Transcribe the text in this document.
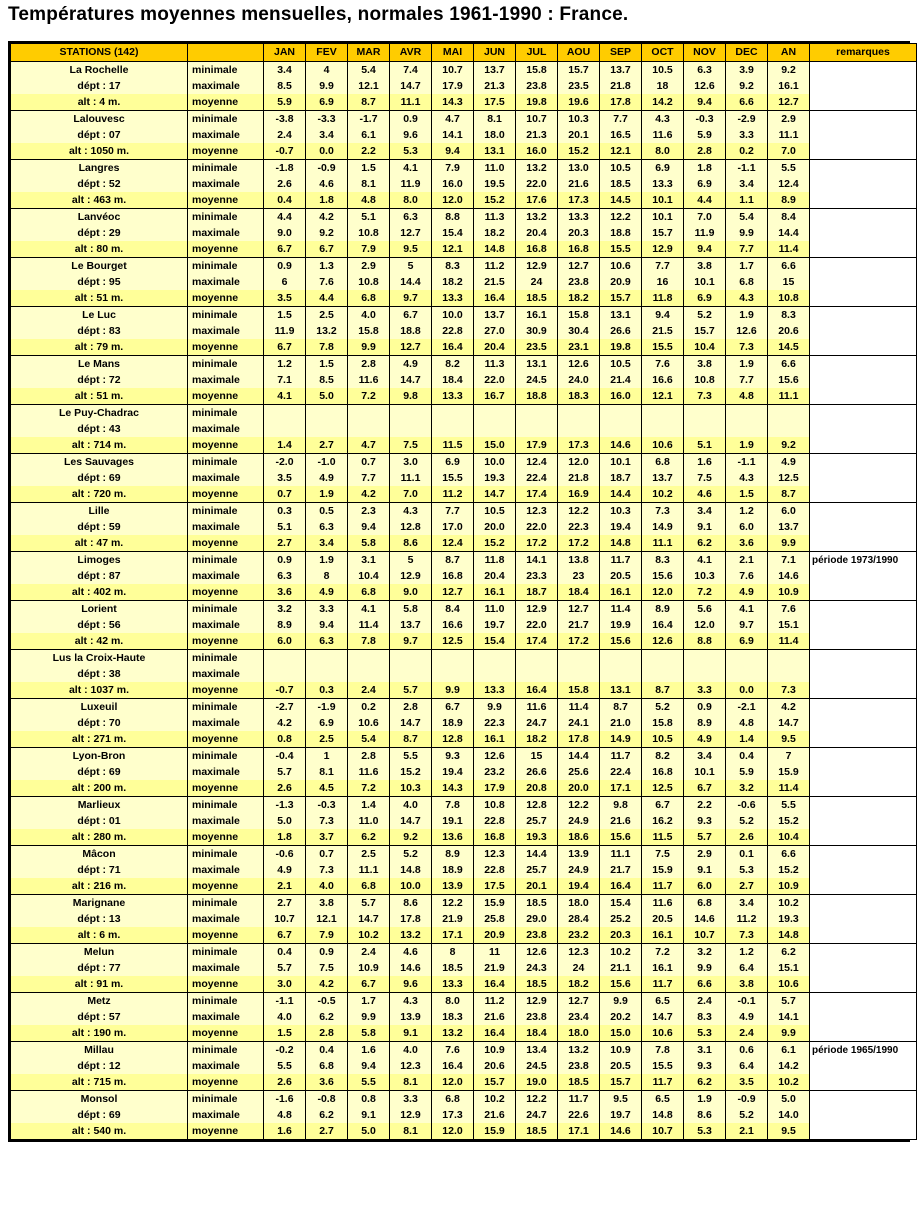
Températures moyennes mensuelles, normales 1961-1990 : France.
STATIONS (142)		JAN	FEV	MAR	AVR	MAI	JUN	JUL	AOU	SEP	OCT	NOV	DEC	AN	remarques
La Rochelle	minimale	3.4	4	5.4	7.4	10.7	13.7	15.8	15.7	13.7	10.5	6.3	3.9	9.2	
dépt : 17	maximale	8.5	9.9	12.1	14.7	17.9	21.3	23.8	23.5	21.8	18	12.6	9.2	16.1	
alt : 4 m.	moyenne	5.9	6.9	8.7	11.1	14.3	17.5	19.8	19.6	17.8	14.2	9.4	6.6	12.7	
Lalouvesc	minimale	-3.8	-3.3	-1.7	0.9	4.7	8.1	10.7	10.3	7.7	4.3	-0.3	-2.9	2.9	
dépt : 07	maximale	2.4	3.4	6.1	9.6	14.1	18.0	21.3	20.1	16.5	11.6	5.9	3.3	11.1	
alt : 1050 m.	moyenne	-0.7	0.0	2.2	5.3	9.4	13.1	16.0	15.2	12.1	8.0	2.8	0.2	7.0	
Langres	minimale	-1.8	-0.9	1.5	4.1	7.9	11.0	13.2	13.0	10.5	6.9	1.8	-1.1	5.5	
dépt : 52	maximale	2.6	4.6	8.1	11.9	16.0	19.5	22.0	21.6	18.5	13.3	6.9	3.4	12.4	
alt : 463 m.	moyenne	0.4	1.8	4.8	8.0	12.0	15.2	17.6	17.3	14.5	10.1	4.4	1.1	8.9	
Lanvéoc	minimale	4.4	4.2	5.1	6.3	8.8	11.3	13.2	13.3	12.2	10.1	7.0	5.4	8.4	
dépt : 29	maximale	9.0	9.2	10.8	12.7	15.4	18.2	20.4	20.3	18.8	15.7	11.9	9.9	14.4	
alt : 80 m.	moyenne	6.7	6.7	7.9	9.5	12.1	14.8	16.8	16.8	15.5	12.9	9.4	7.7	11.4	
Le Bourget	minimale	0.9	1.3	2.9	5	8.3	11.2	12.9	12.7	10.6	7.7	3.8	1.7	6.6	
dépt : 95	maximale	6	7.6	10.8	14.4	18.2	21.5	24	23.8	20.9	16	10.1	6.8	15	
alt : 51 m.	moyenne	3.5	4.4	6.8	9.7	13.3	16.4	18.5	18.2	15.7	11.8	6.9	4.3	10.8	
Le Luc	minimale	1.5	2.5	4.0	6.7	10.0	13.7	16.1	15.8	13.1	9.4	5.2	1.9	8.3	
dépt : 83	maximale	11.9	13.2	15.8	18.8	22.8	27.0	30.9	30.4	26.6	21.5	15.7	12.6	20.6	
alt : 79 m.	moyenne	6.7	7.8	9.9	12.7	16.4	20.4	23.5	23.1	19.8	15.5	10.4	7.3	14.5	
Le Mans	minimale	1.2	1.5	2.8	4.9	8.2	11.3	13.1	12.6	10.5	7.6	3.8	1.9	6.6	
dépt : 72	maximale	7.1	8.5	11.6	14.7	18.4	22.0	24.5	24.0	21.4	16.6	10.8	7.7	15.6	
alt : 51 m.	moyenne	4.1	5.0	7.2	9.8	13.3	16.7	18.8	18.3	16.0	12.1	7.3	4.8	11.1	
Le Puy-Chadrac	minimale														
dépt : 43	maximale														
alt : 714 m.	moyenne	1.4	2.7	4.7	7.5	11.5	15.0	17.9	17.3	14.6	10.6	5.1	1.9	9.2	
Les Sauvages	minimale	-2.0	-1.0	0.7	3.0	6.9	10.0	12.4	12.0	10.1	6.8	1.6	-1.1	4.9	
dépt : 69	maximale	3.5	4.9	7.7	11.1	15.5	19.3	22.4	21.8	18.7	13.7	7.5	4.3	12.5	
alt : 720 m.	moyenne	0.7	1.9	4.2	7.0	11.2	14.7	17.4	16.9	14.4	10.2	4.6	1.5	8.7	
Lille	minimale	0.3	0.5	2.3	4.3	7.7	10.5	12.3	12.2	10.3	7.3	3.4	1.2	6.0	
dépt : 59	maximale	5.1	6.3	9.4	12.8	17.0	20.0	22.0	22.3	19.4	14.9	9.1	6.0	13.7	
alt : 47 m.	moyenne	2.7	3.4	5.8	8.6	12.4	15.2	17.2	17.2	14.8	11.1	6.2	3.6	9.9	
Limoges	minimale	0.9	1.9	3.1	5	8.7	11.8	14.1	13.8	11.7	8.3	4.1	2.1	7.1	période 1973/1990
dépt : 87	maximale	6.3	8	10.4	12.9	16.8	20.4	23.3	23	20.5	15.6	10.3	7.6	14.6	
alt : 402 m.	moyenne	3.6	4.9	6.8	9.0	12.7	16.1	18.7	18.4	16.1	12.0	7.2	4.9	10.9	
Lorient	minimale	3.2	3.3	4.1	5.8	8.4	11.0	12.9	12.7	11.4	8.9	5.6	4.1	7.6	
dépt : 56	maximale	8.9	9.4	11.4	13.7	16.6	19.7	22.0	21.7	19.9	16.4	12.0	9.7	15.1	
alt : 42 m.	moyenne	6.0	6.3	7.8	9.7	12.5	15.4	17.4	17.2	15.6	12.6	8.8	6.9	11.4	
Lus la Croix-Haute	minimale														
dépt : 38	maximale														
alt : 1037 m.	moyenne	-0.7	0.3	2.4	5.7	9.9	13.3	16.4	15.8	13.1	8.7	3.3	0.0	7.3	
Luxeuil	minimale	-2.7	-1.9	0.2	2.8	6.7	9.9	11.6	11.4	8.7	5.2	0.9	-2.1	4.2	
dépt : 70	maximale	4.2	6.9	10.6	14.7	18.9	22.3	24.7	24.1	21.0	15.8	8.9	4.8	14.7	
alt : 271 m.	moyenne	0.8	2.5	5.4	8.7	12.8	16.1	18.2	17.8	14.9	10.5	4.9	1.4	9.5	
Lyon-Bron	minimale	-0.4	1	2.8	5.5	9.3	12.6	15	14.4	11.7	8.2	3.4	0.4	7	
dépt : 69	maximale	5.7	8.1	11.6	15.2	19.4	23.2	26.6	25.6	22.4	16.8	10.1	5.9	15.9	
alt : 200 m.	moyenne	2.6	4.5	7.2	10.3	14.3	17.9	20.8	20.0	17.1	12.5	6.7	3.2	11.4	
Marlieux	minimale	-1.3	-0.3	1.4	4.0	7.8	10.8	12.8	12.2	9.8	6.7	2.2	-0.6	5.5	
dépt : 01	maximale	5.0	7.3	11.0	14.7	19.1	22.8	25.7	24.9	21.6	16.2	9.3	5.2	15.2	
alt : 280 m.	moyenne	1.8	3.7	6.2	9.2	13.6	16.8	19.3	18.6	15.6	11.5	5.7	2.6	10.4	
Mâcon	minimale	-0.6	0.7	2.5	5.2	8.9	12.3	14.4	13.9	11.1	7.5	2.9	0.1	6.6	
dépt : 71	maximale	4.9	7.3	11.1	14.8	18.9	22.8	25.7	24.9	21.7	15.9	9.1	5.3	15.2	
alt : 216 m.	moyenne	2.1	4.0	6.8	10.0	13.9	17.5	20.1	19.4	16.4	11.7	6.0	2.7	10.9	
Marignane	minimale	2.7	3.8	5.7	8.6	12.2	15.9	18.5	18.0	15.4	11.6	6.8	3.4	10.2	
dépt : 13	maximale	10.7	12.1	14.7	17.8	21.9	25.8	29.0	28.4	25.2	20.5	14.6	11.2	19.3	
alt : 6 m.	moyenne	6.7	7.9	10.2	13.2	17.1	20.9	23.8	23.2	20.3	16.1	10.7	7.3	14.8	
Melun	minimale	0.4	0.9	2.4	4.6	8	11	12.6	12.3	10.2	7.2	3.2	1.2	6.2	
dépt : 77	maximale	5.7	7.5	10.9	14.6	18.5	21.9	24.3	24	21.1	16.1	9.9	6.4	15.1	
alt : 91 m.	moyenne	3.0	4.2	6.7	9.6	13.3	16.4	18.5	18.2	15.6	11.7	6.6	3.8	10.6	
Metz	minimale	-1.1	-0.5	1.7	4.3	8.0	11.2	12.9	12.7	9.9	6.5	2.4	-0.1	5.7	
dépt : 57	maximale	4.0	6.2	9.9	13.9	18.3	21.6	23.8	23.4	20.2	14.7	8.3	4.9	14.1	
alt : 190 m.	moyenne	1.5	2.8	5.8	9.1	13.2	16.4	18.4	18.0	15.0	10.6	5.3	2.4	9.9	
Millau	minimale	-0.2	0.4	1.6	4.0	7.6	10.9	13.4	13.2	10.9	7.8	3.1	0.6	6.1	période 1965/1990
dépt : 12	maximale	5.5	6.8	9.4	12.3	16.4	20.6	24.5	23.8	20.5	15.5	9.3	6.4	14.2	
alt : 715 m.	moyenne	2.6	3.6	5.5	8.1	12.0	15.7	19.0	18.5	15.7	11.7	6.2	3.5	10.2	
Monsol	minimale	-1.6	-0.8	0.8	3.3	6.8	10.2	12.2	11.7	9.5	6.5	1.9	-0.9	5.0	
dépt : 69	maximale	4.8	6.2	9.1	12.9	17.3	21.6	24.7	22.6	19.7	14.8	8.6	5.2	14.0	
alt : 540 m.	moyenne	1.6	2.7	5.0	8.1	12.0	15.9	18.5	17.1	14.6	10.7	5.3	2.1	9.5	
